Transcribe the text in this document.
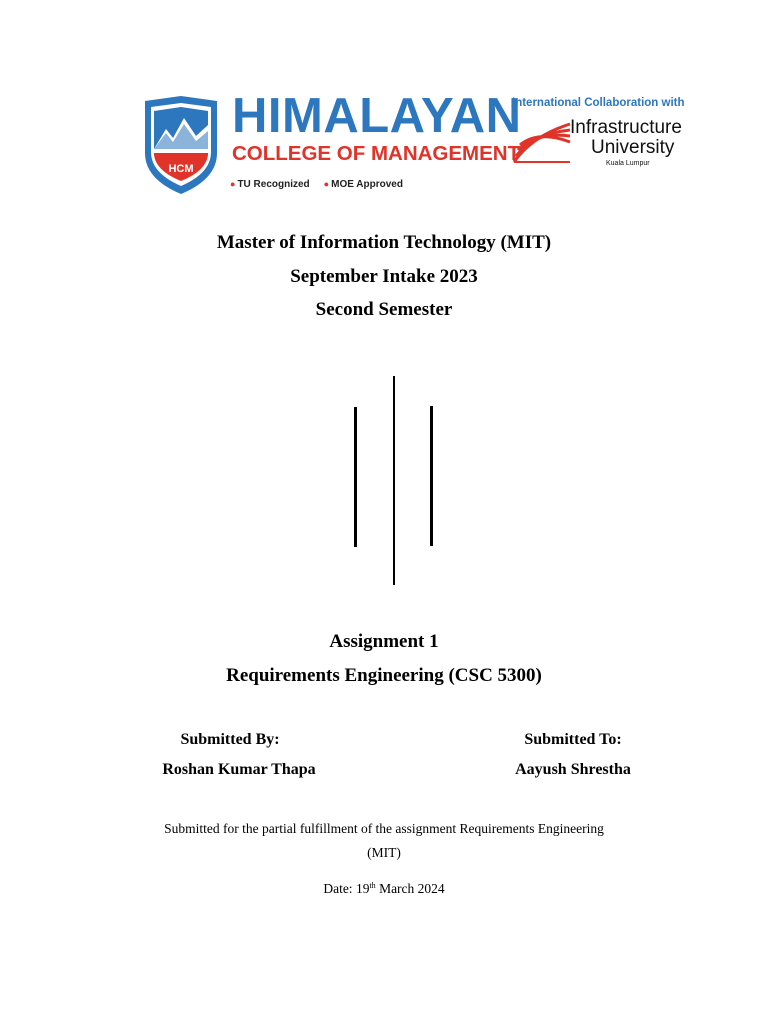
HCM
HIMALAYAN
COLLEGE OF MANAGEMENT
● TU Recognized ● MOE Approved
International Collaboration with
Infrastructure
University
Kuala Lumpur
Master of Information Technology (MIT)
September Intake 2023
Second Semester
Assignment 1
Requirements Engineering (CSC 5300)
Submitted By:
Roshan Kumar Thapa
Submitted To:
Aayush Shrestha
Submitted for the partial fulfillment of the assignment Requirements Engineering
(MIT)
Date: 19th March 2024
